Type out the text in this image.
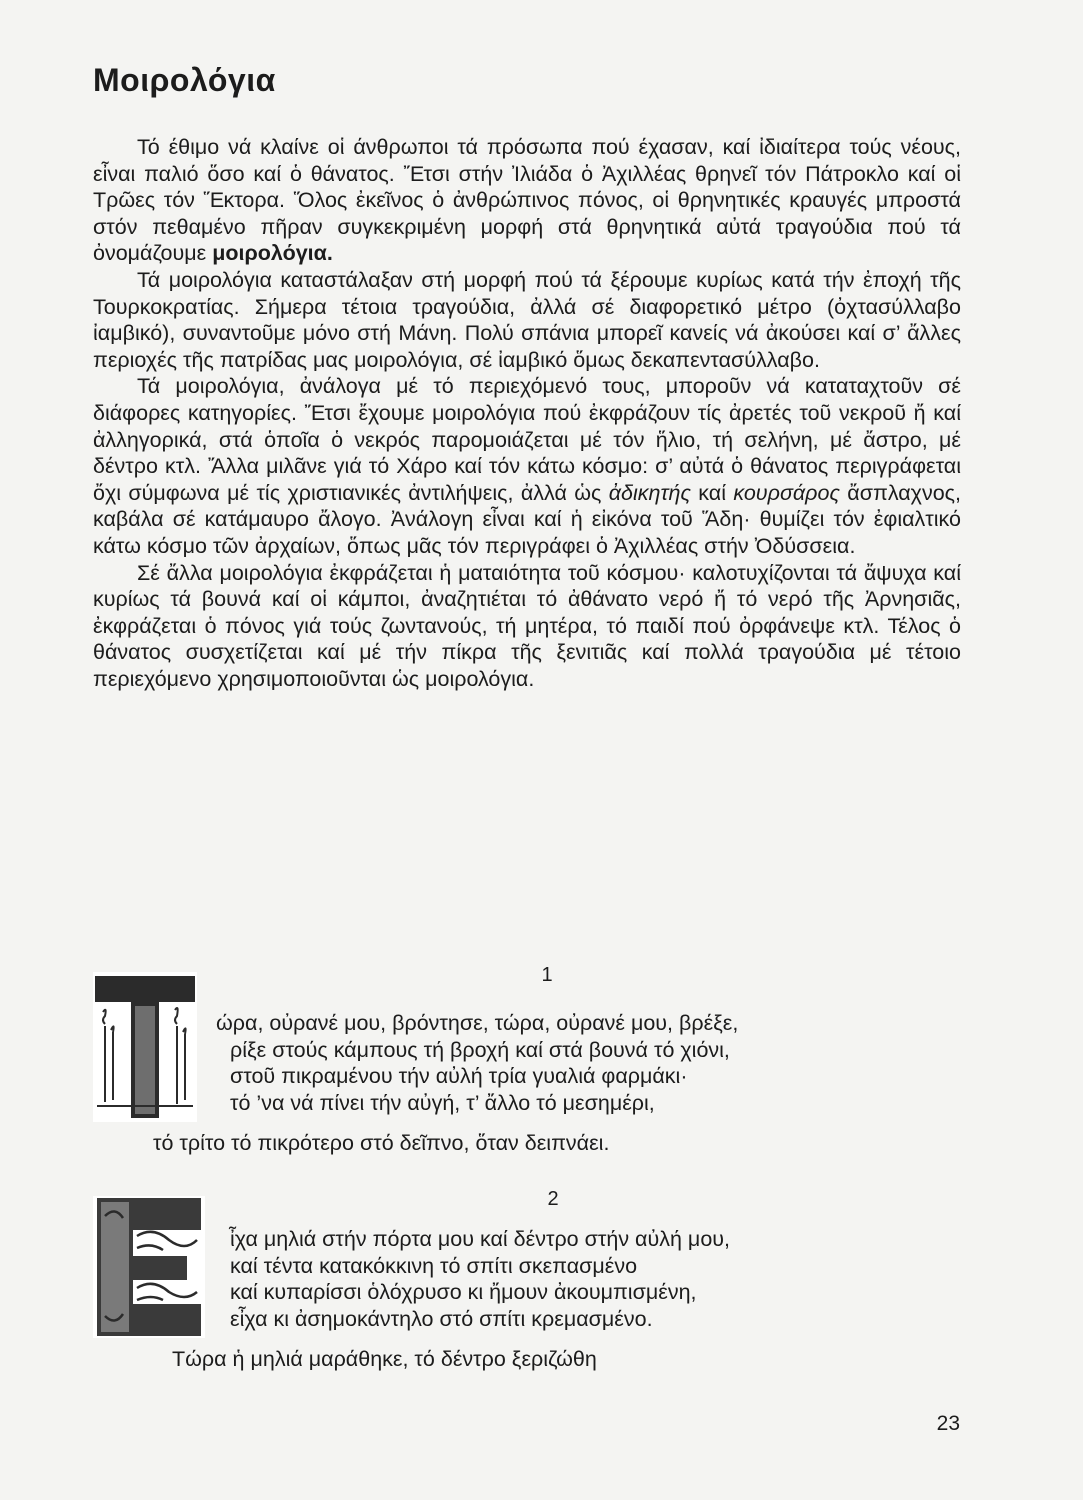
Μοιρολόγια

Τό έθιμο νά κλαίνε οἱ άνθρωποι τά πρόσωπα πού έχασαν, καί ἰδιαίτερα τούς νέους, εἶναι παλιό ὅσο καί ὁ θάνατος. Ἔτσι στήν Ἰλιάδα ὁ Ἀχιλλέας θρηνεῖ τόν Πάτροκλο καί οἱ Τρῶες τόν Ἕκτορα. Ὅλος ἐκεῖνος ὁ ἀνθρώπινος πόνος, οἱ θρηνητικές κραυγές μπροστά στόν πεθαμένο πῆραν συγκεκριμένη μορφή στά θρηνητικά αὐτά τραγούδια πού τά ὀνομάζουμε μοιρολόγια.

Τά μοιρολόγια καταστάλαξαν στή μορφή πού τά ξέρουμε κυρίως κατά τήν ἐποχή τῆς Τουρκοκρατίας. Σήμερα τέτοια τραγούδια, ἀλλά σέ διαφορετικό μέτρο (ὀχτασύλλαβο ἰαμβικό), συναντοῦμε μόνο στή Μάνη. Πολύ σπάνια μπορεῖ κανείς νά ἀκούσει καί σ’ ἄλλες περιοχές τῆς πατρίδας μας μοιρολόγια, σέ ἰαμβικό ὅμως δεκαπεντασύλλαβο.

Τά μοιρολόγια, ἀνάλογα μέ τό περιεχόμενό τους, μποροῦν νά καταταχτοῦν σέ διάφορες κατηγορίες. Ἔτσι ἔχουμε μοιρολόγια πού ἐκφράζουν τίς ἀρετές τοῦ νεκροῦ ἤ καί ἀλληγορικά, στά ὁποῖα ὁ νεκρός παρομοιάζεται μέ τόν ἥλιο, τή σελήνη, μέ ἄστρο, μέ δέντρο κτλ. Ἄλλα μιλᾶνε γιά τό Χάρο καί τόν κάτω κόσμο: σ’ αὐτά ὁ θάνατος περιγράφεται ὄχι σύμφωνα μέ τίς χριστιανικές ἀντιλήψεις, ἀλλά ὡς ἀδικητής καί κουρσάρος ἄσπλαχνος, καβάλα σέ κατάμαυρο ἄλογο. Ἀνάλογη εἶναι καί ἡ εἰκόνα τοῦ Ἅδη· θυμίζει τόν ἐφιαλτικό κάτω κόσμο τῶν ἀρχαίων, ὅπως μᾶς τόν περιγράφει ὁ Ἀχιλλέας στήν Ὀδύσσεια.

Σέ ἄλλα μοιρολόγια ἐκφράζεται ἡ ματαιότητα τοῦ κόσμου· καλοτυχίζονται τά ἄψυχα καί κυρίως τά βουνά καί οἱ κάμποι, ἀναζητιέται τό ἀθάνατο νερό ἤ τό νερό τῆς Ἀρνησιᾶς, ἐκφράζεται ὁ πόνος γιά τούς ζωντανούς, τή μητέρα, τό παιδί πού ὀρφάνεψε κτλ. Τέλος ὁ θάνατος συσχετίζεται καί μέ τήν πίκρα τῆς ξενιτιᾶς καί πολλά τραγούδια μέ τέτοιο περιεχόμενο χρησιμοποιοῦνται ὡς μοιρολόγια.

1
ώρα, οὐρανέ μου, βρόντησε, τώρα, οὐρανέ μου, βρέξε,
ρίξε στούς κάμπους τή βροχή καί στά βουνά τό χιόνι,
στοῦ πικραμένου τήν αὐλή τρία γυαλιά φαρμάκι·
τό ’να νά πίνει τήν αὐγή, τ’ ἄλλο τό μεσημέρι,
τό τρίτο τό πικρότερο στό δεῖπνο, ὅταν δειπνάει.
2
ἶχα μηλιά στήν πόρτα μου καί δέντρο στήν αὐλή μου,
καί τέντα κατακόκκινη τό σπίτι σκεπασμένο
καί κυπαρίσσι ὁλόχρυσο κι ἤμουν ἀκουμπισμένη,
εἶχα κι ἀσημοκάντηλο στό σπίτι κρεμασμένο.
Τώρα ἡ μηλιά μαράθηκε, τό δέντρο ξεριζώθη
23
